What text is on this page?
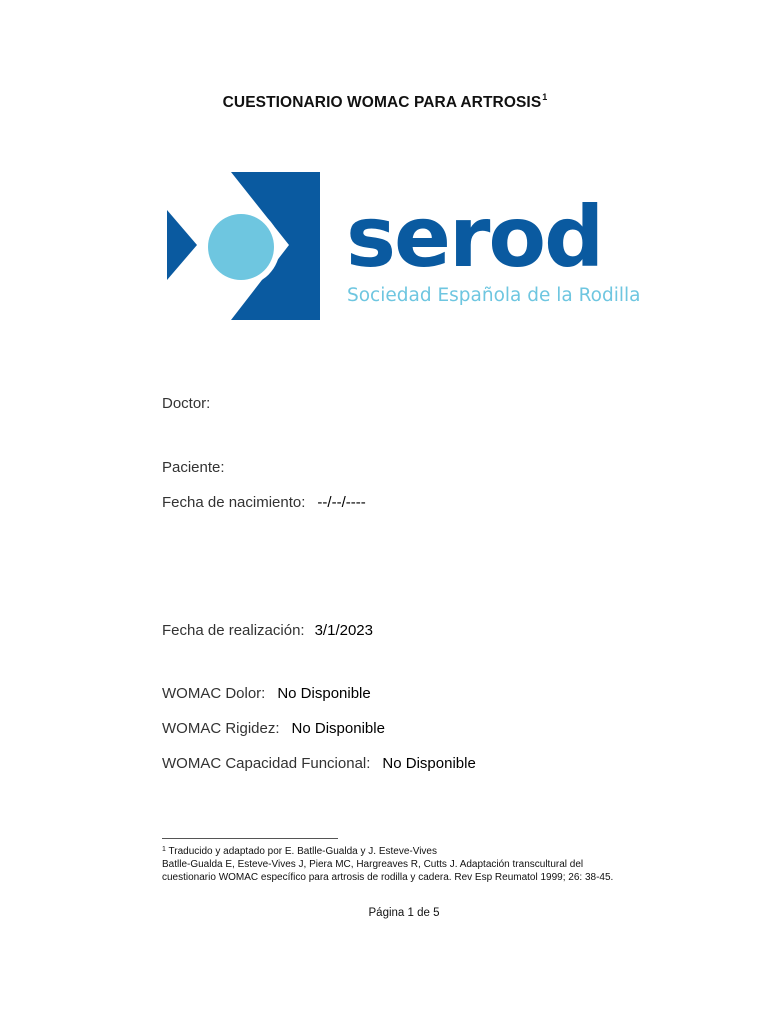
CUESTIONARIO WOMAC PARA ARTROSIS$^1$
serod
Sociedad Española de la Rodilla
Doctor:
Paciente:
Fecha de nacimiento: --/--/----
Fecha de realización: 3/1/2023
WOMAC Dolor: No Disponible
WOMAC Rigidez: No Disponible
WOMAC Capacidad Funcional: No Disponible
$^1$ Traducido y adaptado por E. Batlle-Gualda y J. Esteve-Vives
Batlle-Gualda E, Esteve-Vives J, Piera MC, Hargreaves R, Cutts J. Adaptación transcultural del
cuestionario WOMAC específico para artrosis de rodilla y cadera. Rev Esp Reumatol 1999; 26: 38-45.
Página 1 de 5
